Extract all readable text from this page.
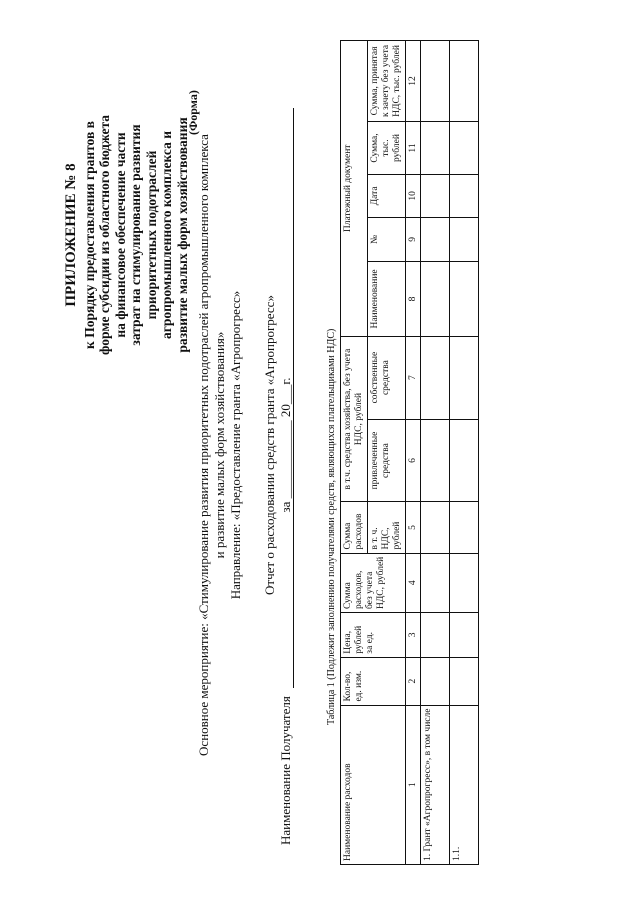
ПРИЛОЖЕНИЕ № 8 к Порядку предоставления грантов в форме субсидии из областного бюджета на финансовое обеспечение части затрат на стимулирование развития приоритетных подотраслей агропромышленного комплекса и развитие малых форм хозяйствования
(Форма)
Основное мероприятие: «Стимулирование развития приоритетных подотраслей агропромышленного комплекса и развитие малых форм хозяйствования» Направление: «Предоставление гранта «Агропрогресс» Отчет о расходовании средств гранта «Агропрогресс» за ____________ 20___г.
Наименование Получателя
Таблица 1 (Подлежит заполнению получателями средств, являющихся плательщиками НДС)
Наименование расходов	Кол-во, ед. изм.	Цена, рублей за ед.	Сумма расходов, без учета НДС, рублей	Сумма расходов	в т.ч. средства хозяйства, без учета НДС, рублей		Платежный документ				
				в т. ч. НДС, рублей	привлеченные средства	собственные средства	Наименование	№	Дата	Сумма, тыс. рублей	Сумма, принятая к зачету без учета НДС, тыс. рублей
1	2	3	4	5	6	7	8	9	10	11	12
1. Грант «Агропрогресс», в том числе											
1.1.											
